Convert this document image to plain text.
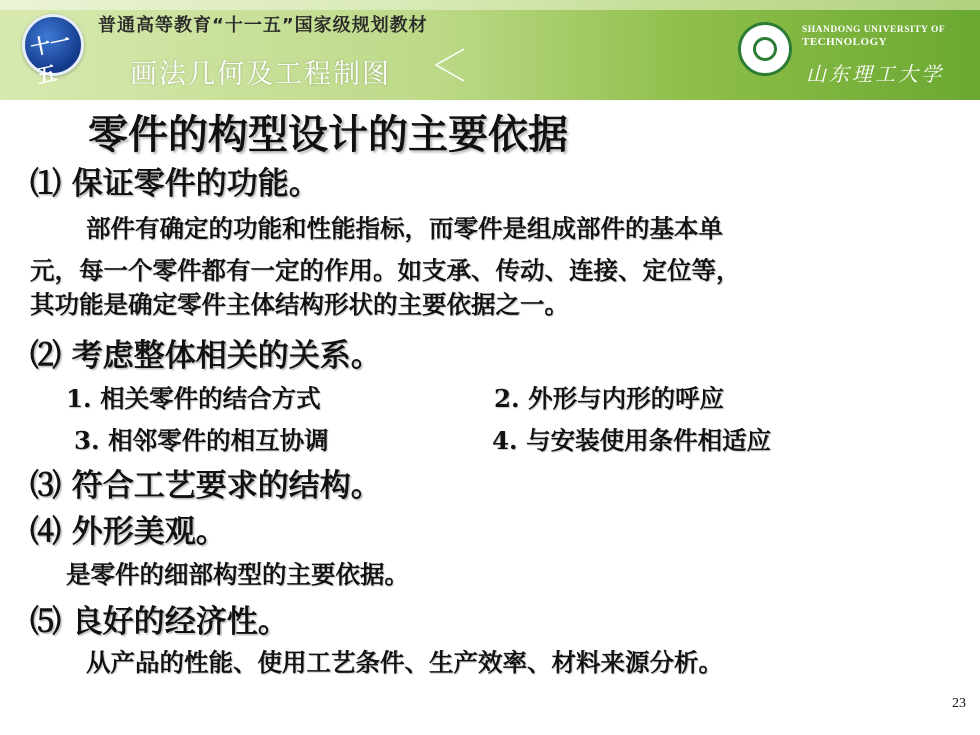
十一五
普通高等教育“十一五”国家级规划教材
画法几何及工程制图
SHANDONG UNIVERSITY OF
TECHNOLOGY
山东理工大学
零件的构型设计的主要依据
⑴ 保证零件的功能。
部件有确定的功能和性能指标，而零件是组成部件的基本单
元，每一个零件都有一定的作用。如支承、传动、连接、定位等，
其功能是确定零件主体结构形状的主要依据之一。
⑵ 考虑整体相关的关系。
1. 相关零件的结合方式	2. 外形与内形的呼应
3. 相邻零件的相互协调	4. 与安装使用条件相适应
⑶ 符合工艺要求的结构。
⑷ 外形美观。
是零件的细部构型的主要依据。
⑸ 良好的经济性。
从产品的性能、使用工艺条件、生产效率、材料来源分析。
23
